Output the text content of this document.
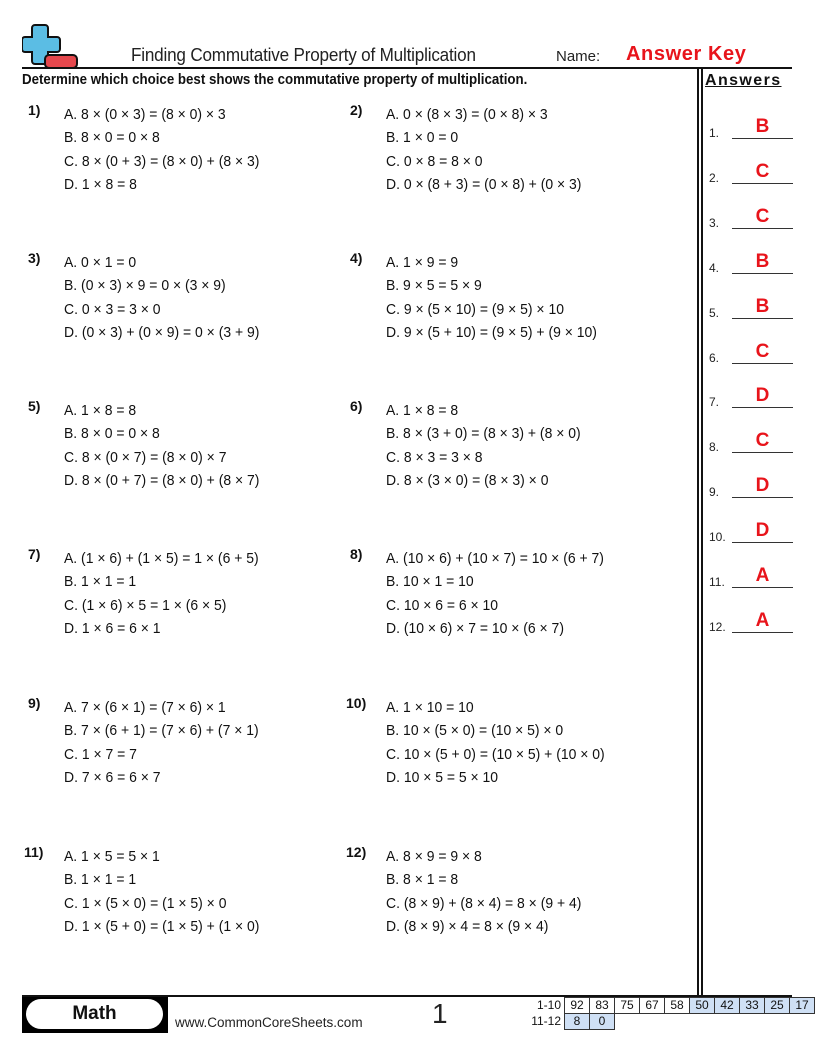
Finding Commutative Property of Multiplication	Name: Answer Key
Determine which choice best shows the commutative property of multiplication.	Answers
1) A. 8 × (0 × 3) = (8 × 0) × 3
B. 8 × 0 = 0 × 8
C. 8 × (0 + 3) = (8 × 0) + (8 × 3)
D. 1 × 8 = 8
2) A. 0 × (8 × 3) = (0 × 8) × 3
B. 1 × 0 = 0
C. 0 × 8 = 8 × 0
D. 0 × (8 + 3) = (0 × 8) + (0 × 3)
3) A. 0 × 1 = 0
B. (0 × 3) × 9 = 0 × (3 × 9)
C. 0 × 3 = 3 × 0
D. (0 × 3) + (0 × 9) = 0 × (3 + 9)
4) A. 1 × 9 = 9
B. 9 × 5 = 5 × 9
C. 9 × (5 × 10) = (9 × 5) × 10
D. 9 × (5 + 10) = (9 × 5) + (9 × 10)
5) A. 1 × 8 = 8
B. 8 × 0 = 0 × 8
C. 8 × (0 × 7) = (8 × 0) × 7
D. 8 × (0 + 7) = (8 × 0) + (8 × 7)
6) A. 1 × 8 = 8
B. 8 × (3 + 0) = (8 × 3) + (8 × 0)
C. 8 × 3 = 3 × 8
D. 8 × (3 × 0) = (8 × 3) × 0
7) A. (1 × 6) + (1 × 5) = 1 × (6 + 5)
B. 1 × 1 = 1
C. (1 × 6) × 5 = 1 × (6 × 5)
D. 1 × 6 = 6 × 1
8) A. (10 × 6) + (10 × 7) = 10 × (6 + 7)
B. 10 × 1 = 10
C. 10 × 6 = 6 × 10
D. (10 × 6) × 7 = 10 × (6 × 7)
9) A. 7 × (6 × 1) = (7 × 6) × 1
B. 7 × (6 + 1) = (7 × 6) + (7 × 1)
C. 1 × 7 = 7
D. 7 × 6 = 6 × 7
10) A. 1 × 10 = 10
B. 10 × (5 × 0) = (10 × 5) × 0
C. 10 × (5 + 0) = (10 × 5) + (10 × 0)
D. 10 × 5 = 5 × 10
11) A. 1 × 5 = 5 × 1
B. 1 × 1 = 1
C. 1 × (5 × 0) = (1 × 5) × 0
D. 1 × (5 + 0) = (1 × 5) + (1 × 0)
12) A. 8 × 9 = 9 × 8
B. 8 × 1 = 8
C. (8 × 9) + (8 × 4) = 8 × (9 + 4)
D. (8 × 9) × 4 = 8 × (9 × 4)
1.	B
2.	C
3.	C
4.	B
5.	B
6.	C
7.	D
8.	C
9.	D
10.	D
11.	A
12.	A
Math	www.CommonCoreSheets.com 1	1-10	92	83	75	67	58	50	42	33	25	17
11-12	8	0								
